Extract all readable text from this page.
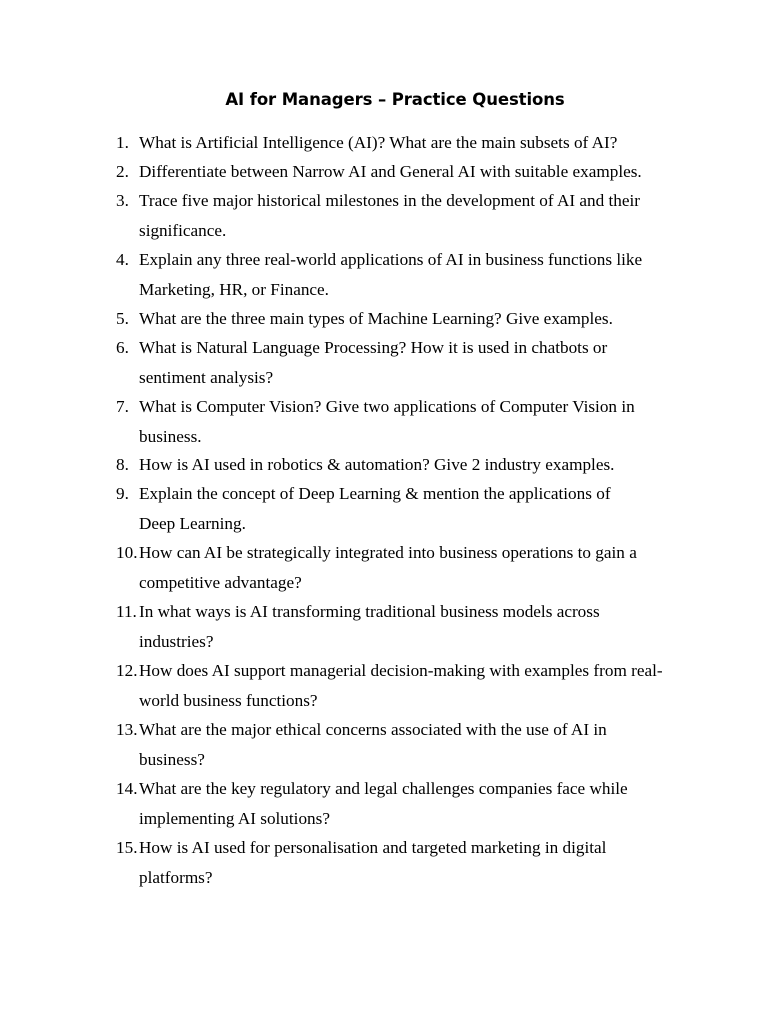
AI for Managers – Practice Questions
1. What is Artificial Intelligence (AI)? What are the main subsets of AI?
2. Differentiate between Narrow AI and General AI with suitable examples.
3. Trace five major historical milestones in the development of AI and their significance.
4. Explain any three real-world applications of AI in business functions like Marketing, HR, or Finance.
5. What are the three main types of Machine Learning? Give examples.
6. What is Natural Language Processing? How it is used in chatbots or sentiment analysis?
7. What is Computer Vision? Give two applications of Computer Vision in business.
8. How is AI used in robotics & automation? Give 2 industry examples.
9. Explain the concept of Deep Learning & mention the applications of Deep Learning.
10. How can AI be strategically integrated into business operations to gain a competitive advantage?
11. In what ways is AI transforming traditional business models across industries?
12. How does AI support managerial decision-making with examples from real-world business functions?
13. What are the major ethical concerns associated with the use of AI in business?
14. What are the key regulatory and legal challenges companies face while implementing AI solutions?
15. How is AI used for personalisation and targeted marketing in digital platforms?
